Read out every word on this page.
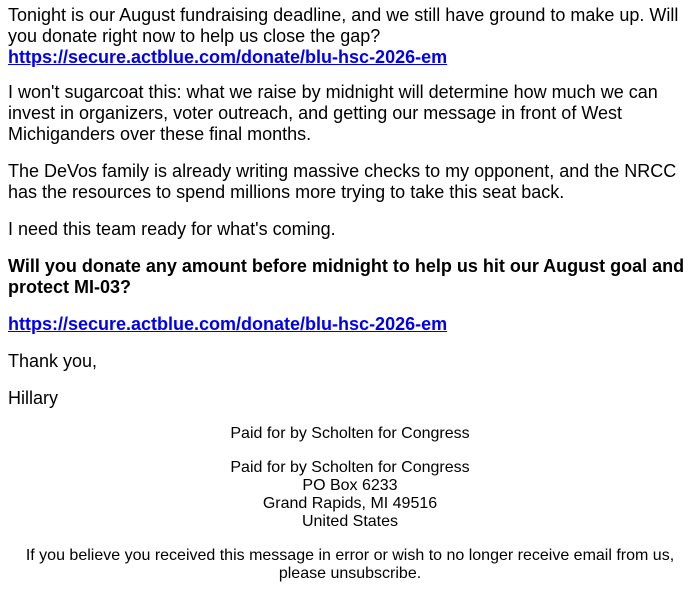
Tonight is our August fundraising deadline, and we still have ground to make up. Will you donate right now to help us close the gap?
https://secure.actblue.com/donate/blu-hsc-2026-em

I won't sugarcoat this: what we raise by midnight will determine how much we can invest in organizers, voter outreach, and getting our message in front of West Michiganders over these final months.

The DeVos family is already writing massive checks to my opponent, and the NRCC has the resources to spend millions more trying to take this seat back.

I need this team ready for what's coming.

Will you donate any amount before midnight to help us hit our August goal and protect MI-03?

https://secure.actblue.com/donate/blu-hsc-2026-em

Thank you,

Hillary

Paid for by Scholten for Congress

Paid for by Scholten for Congress
PO Box 6233
Grand Rapids, MI 49516
United States

If you believe you received this message in error or wish to no longer receive email from us,
please unsubscribe.
